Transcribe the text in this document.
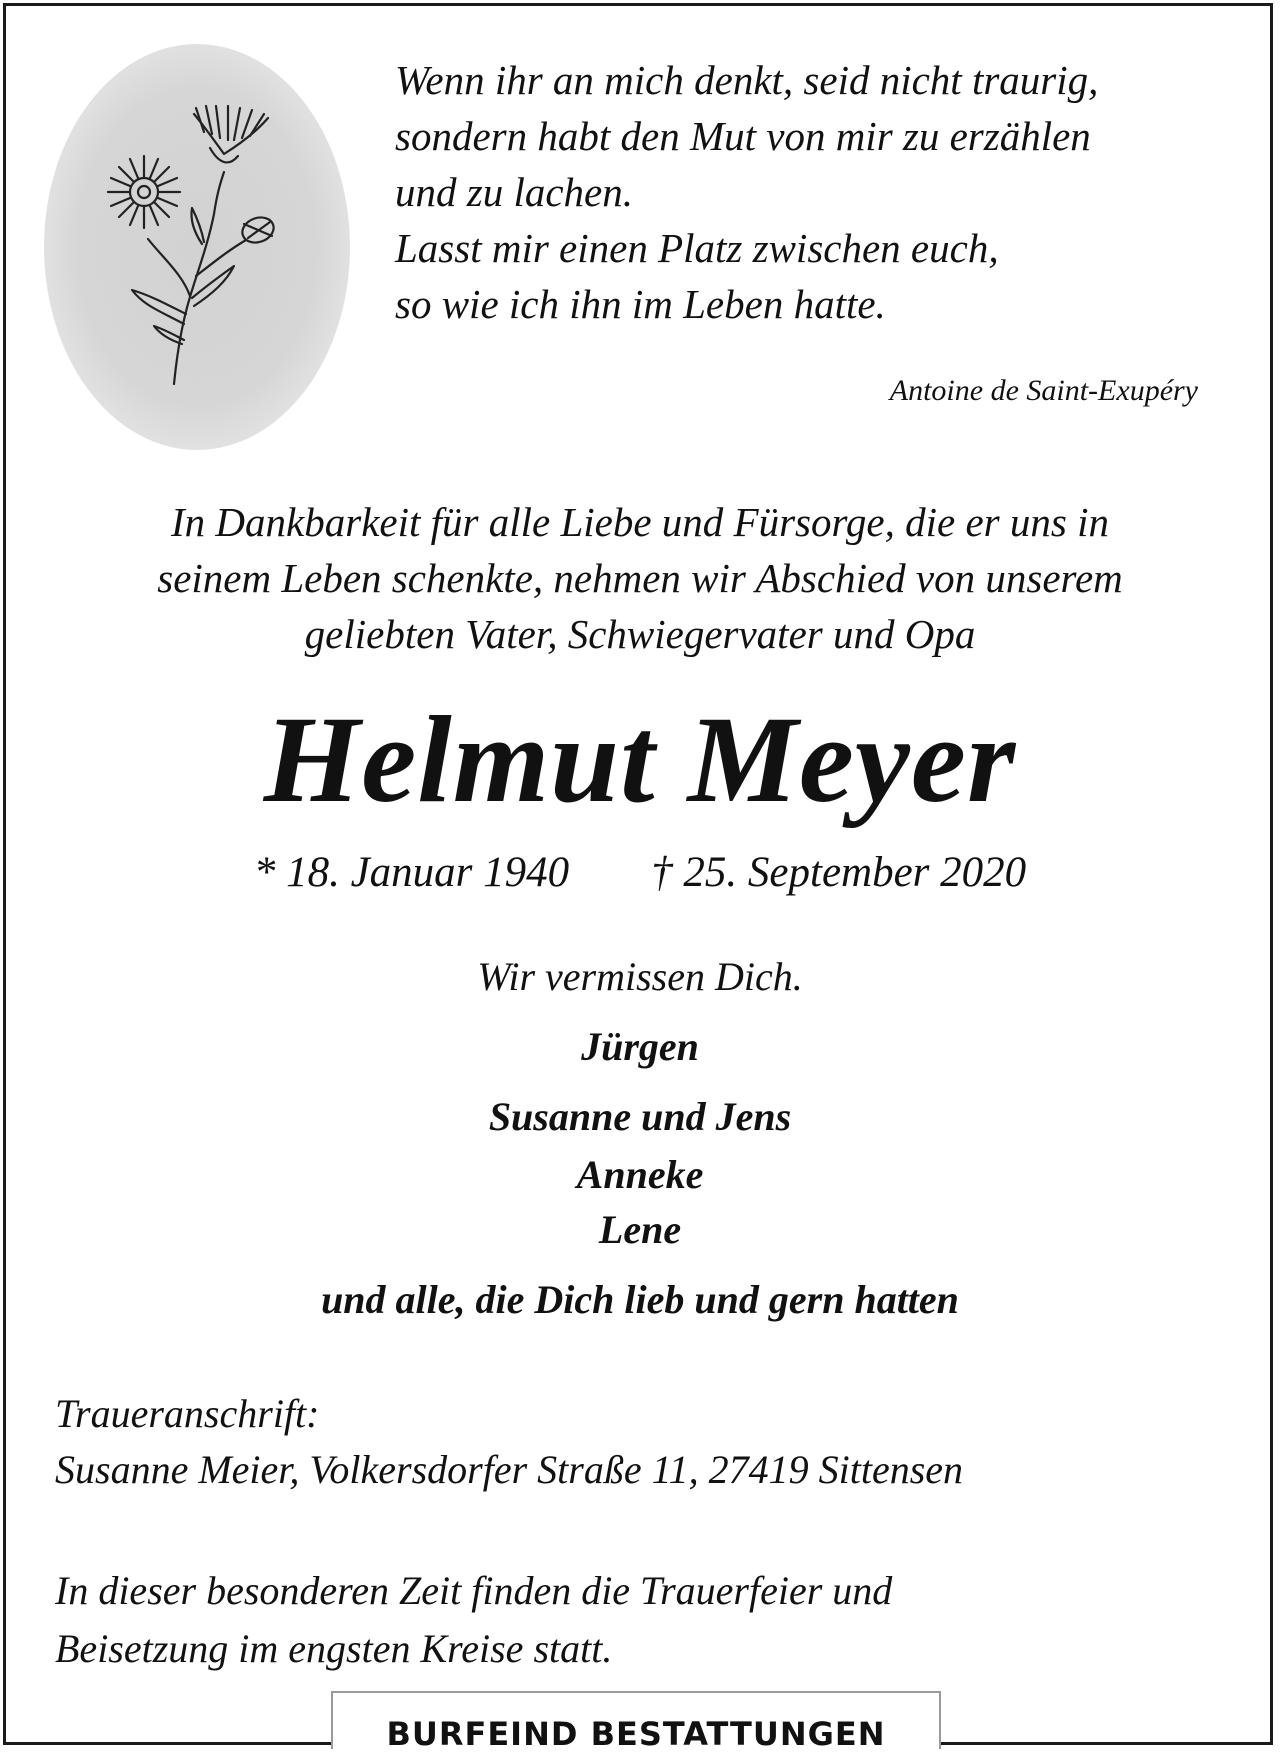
Wenn ihr an mich denkt, seid nicht traurig,
sondern habt den Mut von mir zu erzählen
und zu lachen.
Lasst mir einen Platz zwischen euch,
so wie ich ihn im Leben hatte.
Antoine de Saint-Exupéry
In Dankbarkeit für alle Liebe und Fürsorge, die er uns in
seinem Leben schenkte, nehmen wir Abschied von unserem
geliebten Vater, Schwiegervater und Opa
Helmut Meyer
* 18. Januar 1940 † 25. September 2020
Wir vermissen Dich.
Jürgen
Susanne und Jens
Anneke
Lene
und alle, die Dich lieb und gern hatten
Traueranschrift:
Susanne Meier, Volkersdorfer Straße 11, 27419 Sittensen
In dieser besonderen Zeit finden die Trauerfeier und
Beisetzung im engsten Kreise statt.
BURFEIND BESTATTUNGEN
